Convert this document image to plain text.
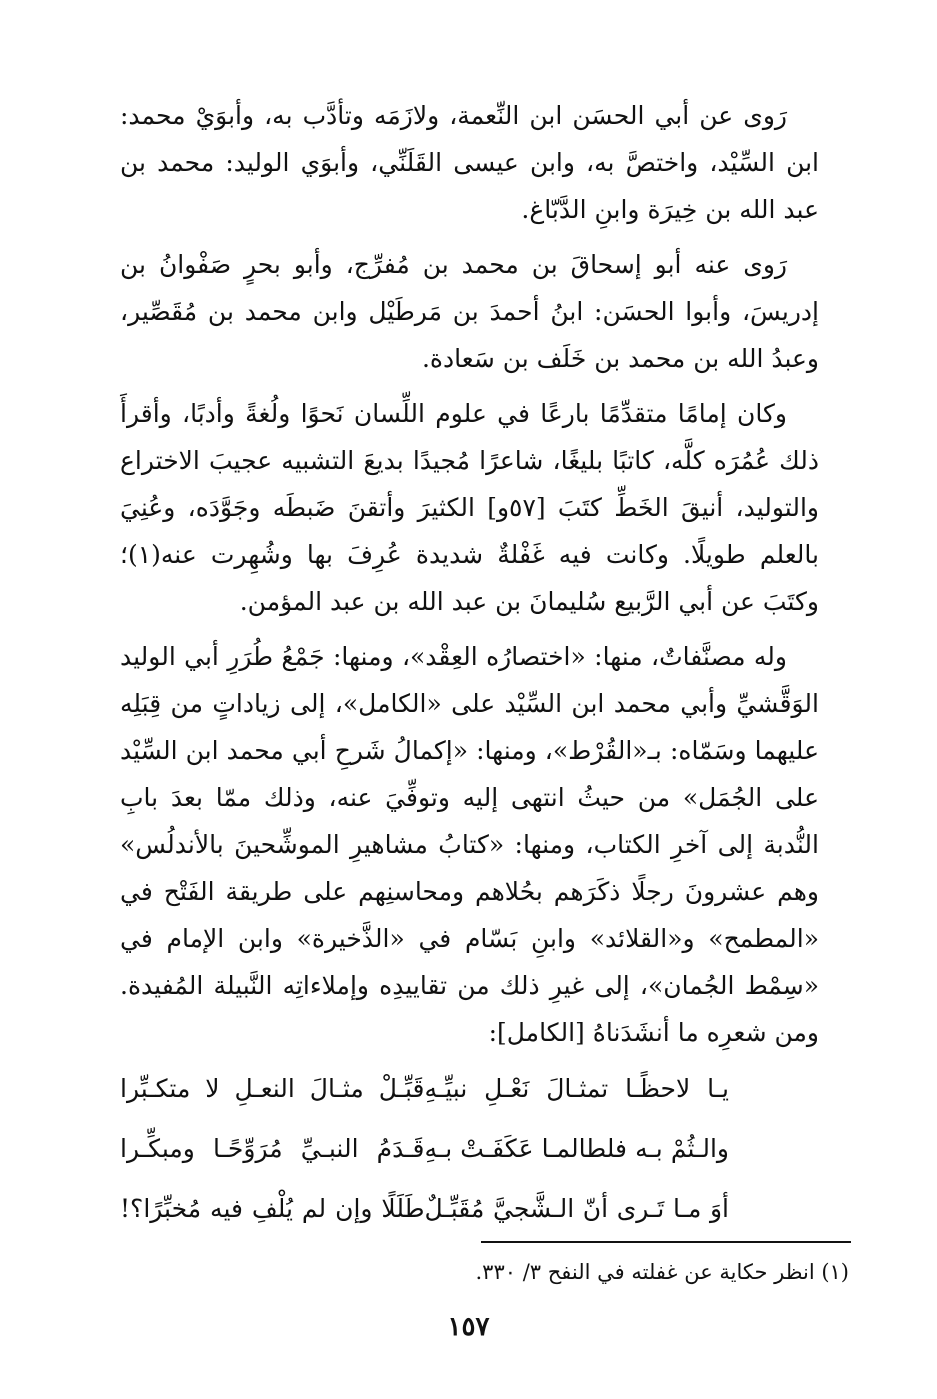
رَوى عن أبي الحسَن ابن النِّعمة، ولازَمَه وتأدَّب به، وأبوَيْ محمد: ابن السِّيْد، واختصَّ به، وابن عيسى القَلَنِّي، وأبوَي الوليد: محمد بن عبد الله بن خِيرَة وابنِ الدَّبّاغ.

رَوى عنه أبو إسحاقَ بن محمد بن مُفرِّج، وأبو بحرٍ صَفْوانُ بن إدريسَ، وأبوا الحسَن: ابنُ أحمدَ بن مَرطَيْل وابن محمد بن مُقَصِّير، وعبدُ الله بن محمد بن خَلَف بن سَعادة.

وكان إمامًا متقدِّمًا بارعًا في علوم اللِّسان نَحوًا ولُغةً وأدبًا، وأقرأَ ذلك عُمُرَه كلَّه، كاتبًا بليغًا، شاعرًا مُجيدًا بديعَ التشبيه عجيبَ الاختراع والتوليد، أنيقَ الخَطِّ كتَبَ [٥٧و] الكثيرَ وأتقنَ ضَبطَه وجَوَّدَه، وعُنِيَ بالعلم طويلًا. وكانت فيه غَفْلةٌ شديدة عُرِفَ بها وشُهِرت عنه(١)؛ وكتَبَ عن أبي الرَّبيع سُليمانَ بن عبد الله بن عبد المؤمن.

وله مصنَّفاتٌ، منها: «اختصارُه العِقْد»، ومنها: جَمْعُ طُرَرِ أبي الوليد الوَقَّشيِّ وأبي محمد ابن السِّيْد على «الكامل»، إلى زياداتٍ من قِبَلِه عليهما وسَمّاه: بـ«القُرْط»، ومنها: «إكمالُ شَرحِ أبي محمد ابن السِّيْد على الجُمَل» من حيثُ انتهى إليه وتوفِّيَ عنه، وذلك ممّا بعدَ بابِ النُّدبة إلى آخرِ الكتاب، ومنها: «كتابُ مشاهيرِ الموشِّحينَ بالأندلُس» وهم عشرونَ رجلًا ذكَرَهم بحُلاهم ومحاسنِهم على طريقة الفَتْح في «المطمح» و«القلائد» وابنِ بَسّام في «الذَّخيرة» وابن الإمام في «سِمْط الجُمان»، إلى غيرِ ذلك من تقاييدِه وإملاءاتِه النَّبيلة المُفيدة. ومن شعرِه ما أنشَدَناهُ [الكامل]:

يـا لاحظًـا تمثـالَ نَعْـلِ نبيِّـهِ
قَبِّـلْ مثـالَ النعـلِ لا متكـبِّرا
والـثُمْ بـه فلطالمـا عَكَفَـتْ بـهِ
قَـدَمُ النبـيِّ مُرَوِّحًـا ومبكِّـرا
أوَ مـا تَـرى أنّ الـشَّجيَّ مُقَبِّـلٌ
طَلَلًا وإن لم يُلْفِ فيه مُخبِّرًا؟!
(١) انظر حكاية عن غفلته في النفح ٣/ ٣٣٠.
١٥٧
